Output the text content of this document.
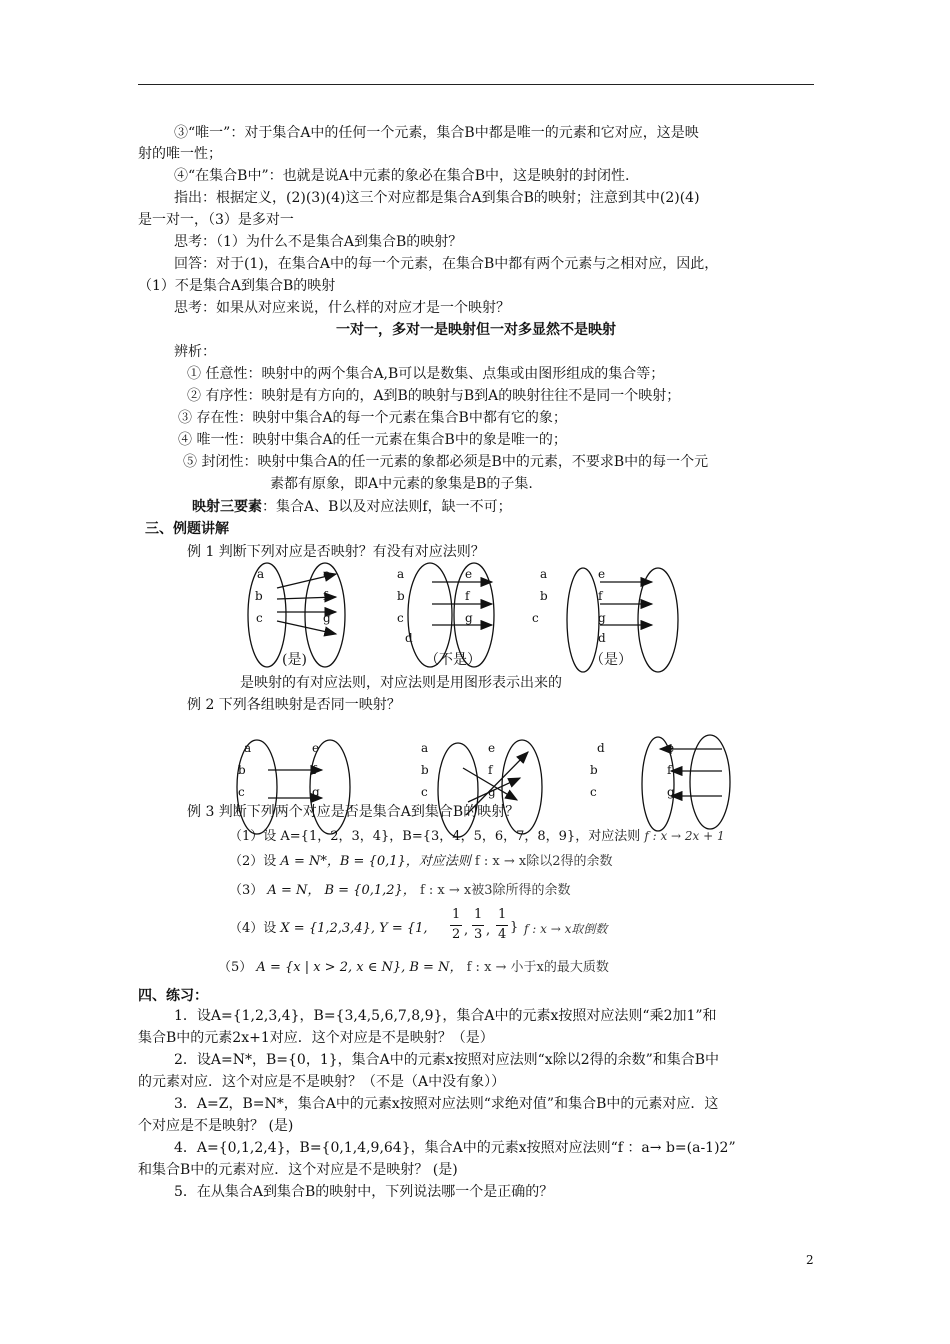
③“唯一”：对于集合A中的任何一个元素，集合B中都是唯一的元素和它对应，这是映
射的唯一性；
④“在集合B中”：也就是说A中元素的象必在集合B中，这是映射的封闭性.
指出：根据定义，(2)(3)(4)这三个对应都是集合A到集合B的映射；注意到其中(2)(4)
是一对一，（3）是多对一
思考：（1）为什么不是集合A到集合B的映射？
回答：对于(1)，在集合A中的每一个元素，在集合B中都有两个元素与之相对应，因此，
（1）不是集合A到集合B的映射
思考：如果从对应来说，什么样的对应才是一个映射？
一对一，多对一是映射但一对多显然不是映射
辨析：
① 任意性：映射中的两个集合A,B可以是数集、点集或由图形组成的集合等；
② 有序性：映射是有方向的，A到B的映射与B到A的映射往往不是同一个映射；
③ 存在性：映射中集合A的每一个元素在集合B中都有它的象；
④ 唯一性：映射中集合A的任一元素在集合B中的象是唯一的；
⑤ 封闭性：映射中集合A的任一元素的象都必须是B中的元素，不要求B中的每一个元
素都有原象，即A中元素的象集是B的子集.
映射三要素：集合A、B以及对应法则f，缺一不可；
三、例题讲解
例 1 判断下列对应是否映射？有没有对应法则？
a
b
c
e
f
g
(是)
a
b
c
d
e
f
g
（不是）
a
b
c
e
f
g
d
（是）
是映射的有对应法则，对应法则是用图形表示出来的
例 2 下列各组映射是否同一映射？
a
b
c
e
f
g
a
b
c
e
f
g
d
b
c
e
f
g
例 3 判断下列两个对应是否是集合A到集合B的映射？
（1）设 A={1，2，3，4}，B={3，4，5，6，7，8，9}，对应法则 f : x → 2x + 1
（2）设 A = N*，B = {0,1}，对应法则 f : x → x除以2得的余数
（3） A = N， B = {0,1,2}， f : x → x被3除所得的余数
（4）设 X = {1,2,3,4}, Y = {1,
1
2 ,
1
3 ,
1
4 } f : x → x取倒数
（5） A = {x | x > 2, x ∈ N}, B = N， f : x → 小于x的最大质数
四、练习：
1．设A={1,2,3,4}，B={3,4,5,6,7,8,9}，集合A中的元素x按照对应法则“乘2加1”和
集合B中的元素2x+1对应．这个对应是不是映射？（是）
2．设A=N*，B={0，1}，集合A中的元素x按照对应法则“x除以2得的余数”和集合B中
的元素对应．这个对应是不是映射？（不是（A中没有象））
3．A=Z，B=N*，集合A中的元素x按照对应法则“求绝对值”和集合B中的元素对应．这
个对应是不是映射？ (是)
4．A={0,1,2,4}，B={0,1,4,9,64}，集合A中的元素x按照对应法则“f ：a→ b=(a-1)2”
和集合B中的元素对应．这个对应是不是映射？ (是)
5．在从集合A到集合B的映射中，下列说法哪一个是正确的？
2
